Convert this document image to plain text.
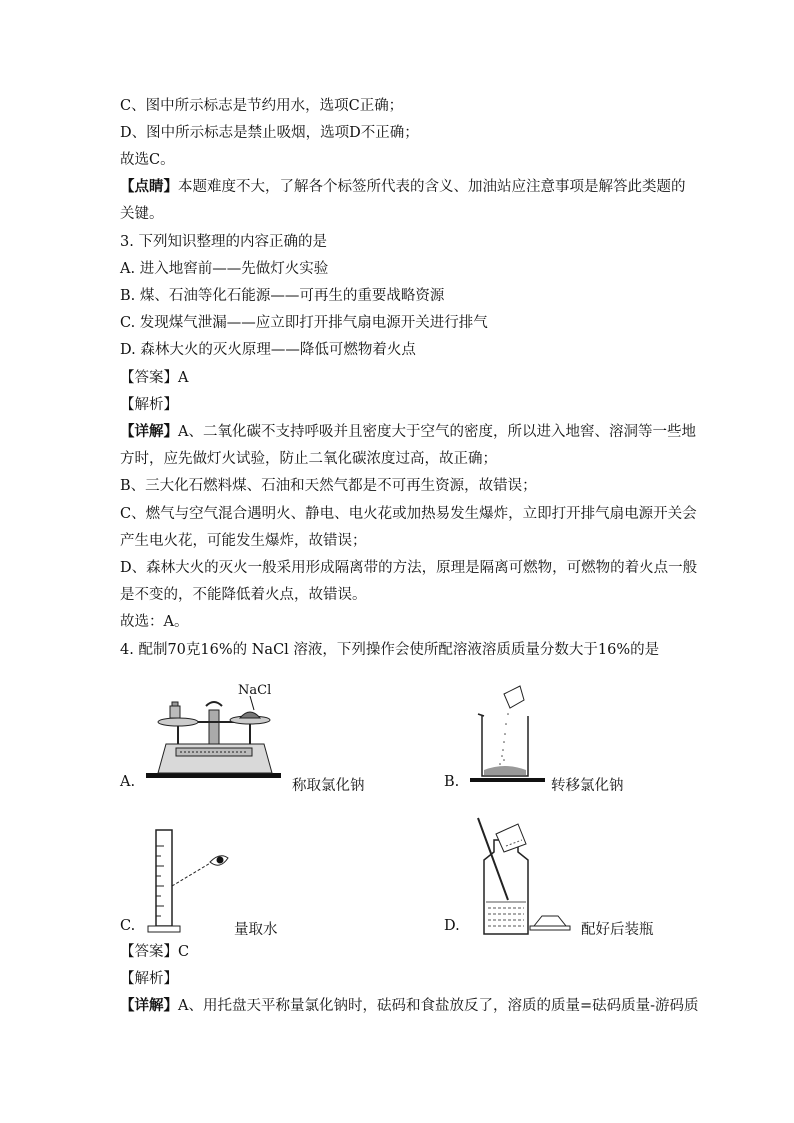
C、图中所示标志是节约用水，选项C正确；
D、图中所示标志是禁止吸烟，选项D不正确；
故选C。
【点睛】本题难度不大，了解各个标签所代表的含义、加油站应注意事项是解答此类题的
关键。
3. 下列知识整理的内容正确的是
A. 进入地窖前——先做灯火实验
B. 煤、石油等化石能源——可再生的重要战略资源
C. 发现煤气泄漏——应立即打开排气扇电源开关进行排气
D. 森林大火的灭火原理——降低可燃物着火点
【答案】A
【解析】
【详解】A、二氧化碳不支持呼吸并且密度大于空气的密度，所以进入地窖、溶洞等一些地
方时，应先做灯火试验，防止二氧化碳浓度过高，故正确；
B、三大化石燃料煤、石油和天然气都是不可再生资源，故错误；
C、燃气与空气混合遇明火、静电、电火花或加热易发生爆炸，立即打开排气扇电源开关会
产生电火花，可能发生爆炸，故错误；
D、森林大火的灭火一般采用形成隔离带的方法，原理是隔离可燃物，可燃物的着火点一般
是不变的，不能降低着火点，故错误。
故选：A。
4. 配制70克16%的 NaCl 溶液，下列操作会使所配溶液溶质质量分数大于16%的是
A.
NaCl
称取氯化钠	B.	转移氯化钠
C.	量取水	D.	配好后装瓶
【答案】C
【解析】
【详解】A、用托盘天平称量氯化钠时，砝码和食盐放反了，溶质的质量=砝码质量-游码质
